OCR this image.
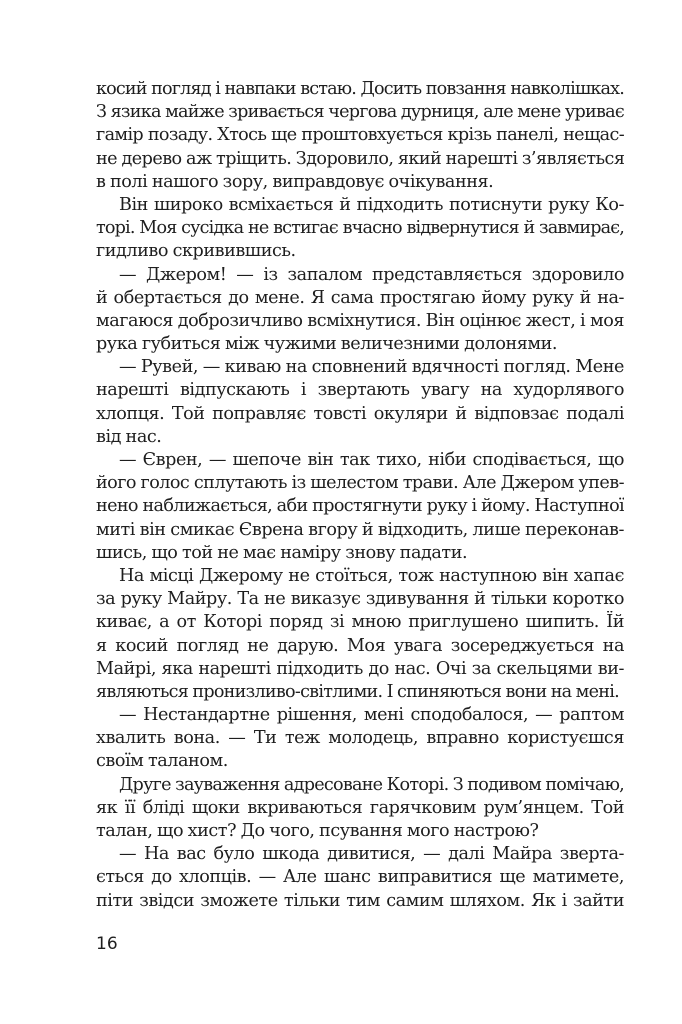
косий погляд і навпаки встаю. Досить повзання навколішках.
З язика майже зривається чергова дурниця, але мене уриває
гамір позаду. Хтось ще проштовхується крізь панелі, нещас-
не дерево аж тріщить. Здоровило, який нарешті з’являється
в полі нашого зору, виправдовує очікування.
Він широко всміхається й підходить потиснути руку Ко-
торі. Моя сусідка не встигає вчасно відвернутися й завмирає,
гидливо скривившись.
— Джером! — із запалом представляється здоровило
й обертається до мене. Я сама простягаю йому руку й на-
магаюся доброзичливо всміхнутися. Він оцінює жест, і моя
рука губиться між чужими величезними долонями.
— Рувей, — киваю на сповнений вдячності погляд. Мене
нарешті відпускають і звертають увагу на худорлявого
хлопця. Той поправляє товсті окуляри й відповзає подалі
від нас.
— Єврен, — шепоче він так тихо, ніби сподівається, що
його голос сплутають із шелестом трави. Але Джером упев-
нено наближається, аби простягнути руку і йому. Наступної
миті він смикає Єврена вгору й відходить, лише переконав-
шись, що той не має наміру знову падати.
На місці Джерому не стоїться, тож наступною він хапає
за руку Майру. Та не виказує здивування й тільки коротко
киває, а от Которі поряд зі мною приглушено шипить. Їй
я косий погляд не дарую. Моя увага зосереджується на
Майрі, яка нарешті підходить до нас. Очі за скельцями ви-
являються пронизливо-світлими. І спиняються вони на мені.
— Нестандартне рішення, мені сподобалося, — раптом
хвалить вона. — Ти теж молодець, вправно користуєшся
своїм таланом.
Друге зауваження адресоване Которі. З подивом помічаю,
як її бліді щоки вкриваються гарячковим рум’янцем. Той
талан, що хист? До чого, псування мого настрою?
— На вас було шкода дивитися, — далі Майра зверта-
ється до хлопців. — Але шанс виправитися ще матимете,
піти звідси зможете тільки тим самим шляхом. Як і зайти
16
